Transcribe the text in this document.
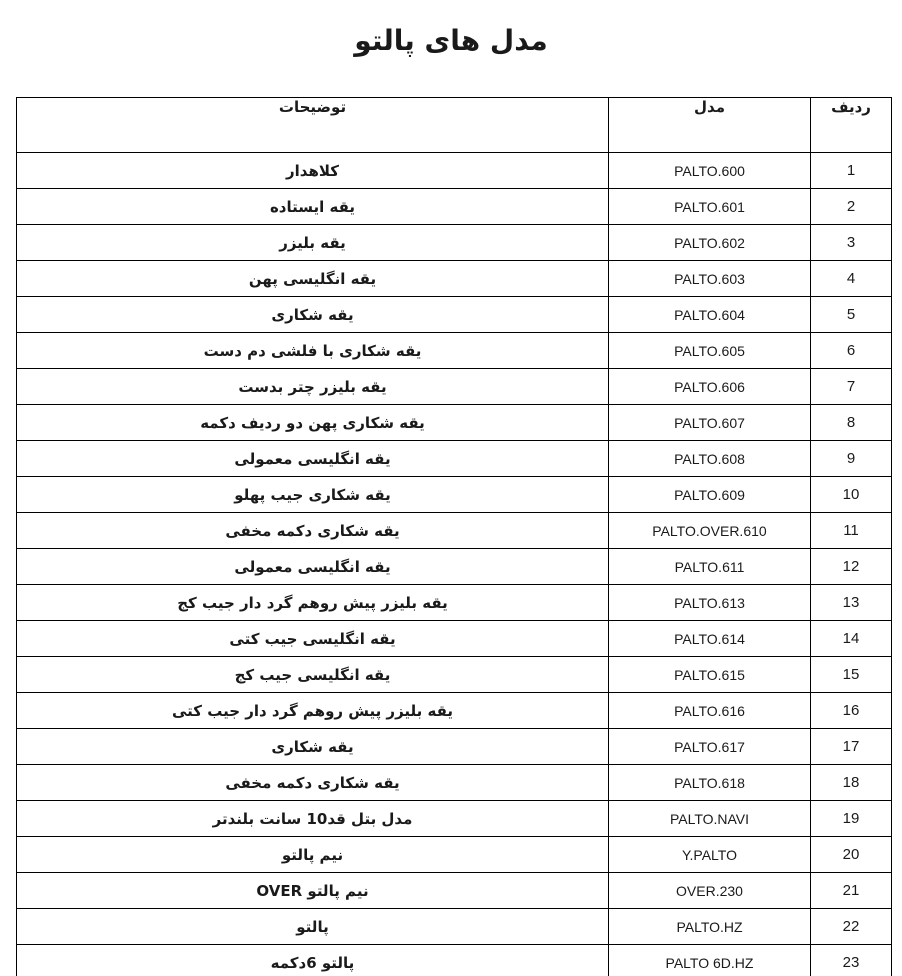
مدل های پالتو
توضیحات	مدل	ردیف
کلاهدار	PALTO.600	1
یقه ایستاده	PALTO.601	2
یقه بلیزر	PALTO.602	3
یقه انگلیسی پهن	PALTO.603	4
یقه شکاری	PALTO.604	5
یقه شکاری با فلشی دم دست	PALTO.605	6
یقه بلیزر چتر بدست	PALTO.606	7
یقه شکاری پهن دو ردیف دکمه	PALTO.607	8
یقه انگلیسی معمولی	PALTO.608	9
یقه شکاری جیب پهلو	PALTO.609	10
یقه شکاری دکمه مخفی	PALTO.OVER.610	11
یقه انگلیسی معمولی	PALTO.611	12
یقه بلیزر پیش روهم گرد دار جیب کج	PALTO.613	13
یقه انگلیسی جیب کتی	PALTO.614	14
یقه انگلیسی جیب کج	PALTO.615	15
یقه بلیزر پیش روهم گرد دار جیب کتی	PALTO.616	16
یقه شکاری	PALTO.617	17
یقه شکاری دکمه مخفی	PALTO.618	18
مدل بتل قد10 سانت بلندتر	PALTO.NAVI	19
نیم پالتو	Y.PALTO	20
نیم پالتو OVER	OVER.230	21
پالتو	PALTO.HZ	22
پالتو 6دکمه	PALTO 6D.HZ	23
